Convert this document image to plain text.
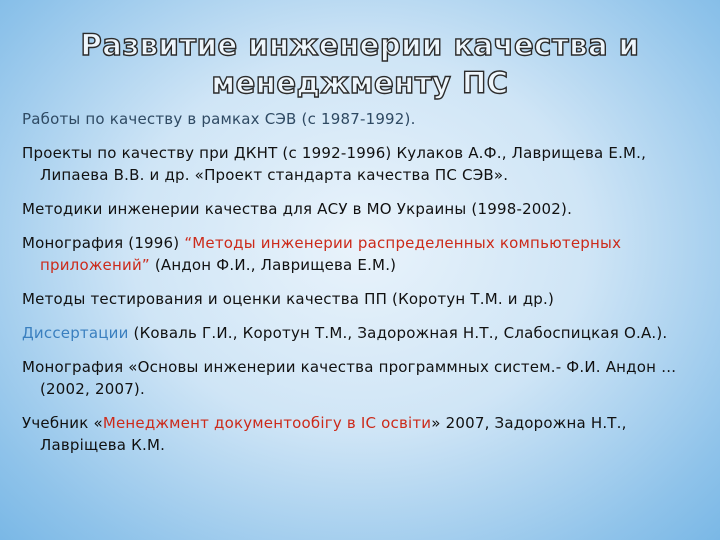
Развитие инженерии качества и
менеджменту ПС

Работы по качеству в рамках СЭВ (с 1987-1992).

Проекты по качеству при ДКНТ (с 1992-1996) Кулаков А.Ф., Лаврищева Е.М., Липаева В.В. и др. «Проект стандарта качества ПС СЭВ».

Методики инженерии качества для АСУ в МО Украины (1998-2002).

Монография (1996) “Методы инженерии распределенных компьютерных приложений” (Андон Ф.И., Лаврищева Е.М.)

Методы тестирования и оценки качества ПП (Коротун Т.М. и др.)

Диссертации (Коваль Г.И., Коротун Т.М., Задорожная Н.Т., Слабоспицкая О.А.).

Монография «Основы инженерии качества программных систем.- Ф.И. Андон … (2002, 2007).

Учебник «Менеджмент документообігу в ІС освіти» 2007, Задорожна Н.Т., Лаврiщева К.М.
